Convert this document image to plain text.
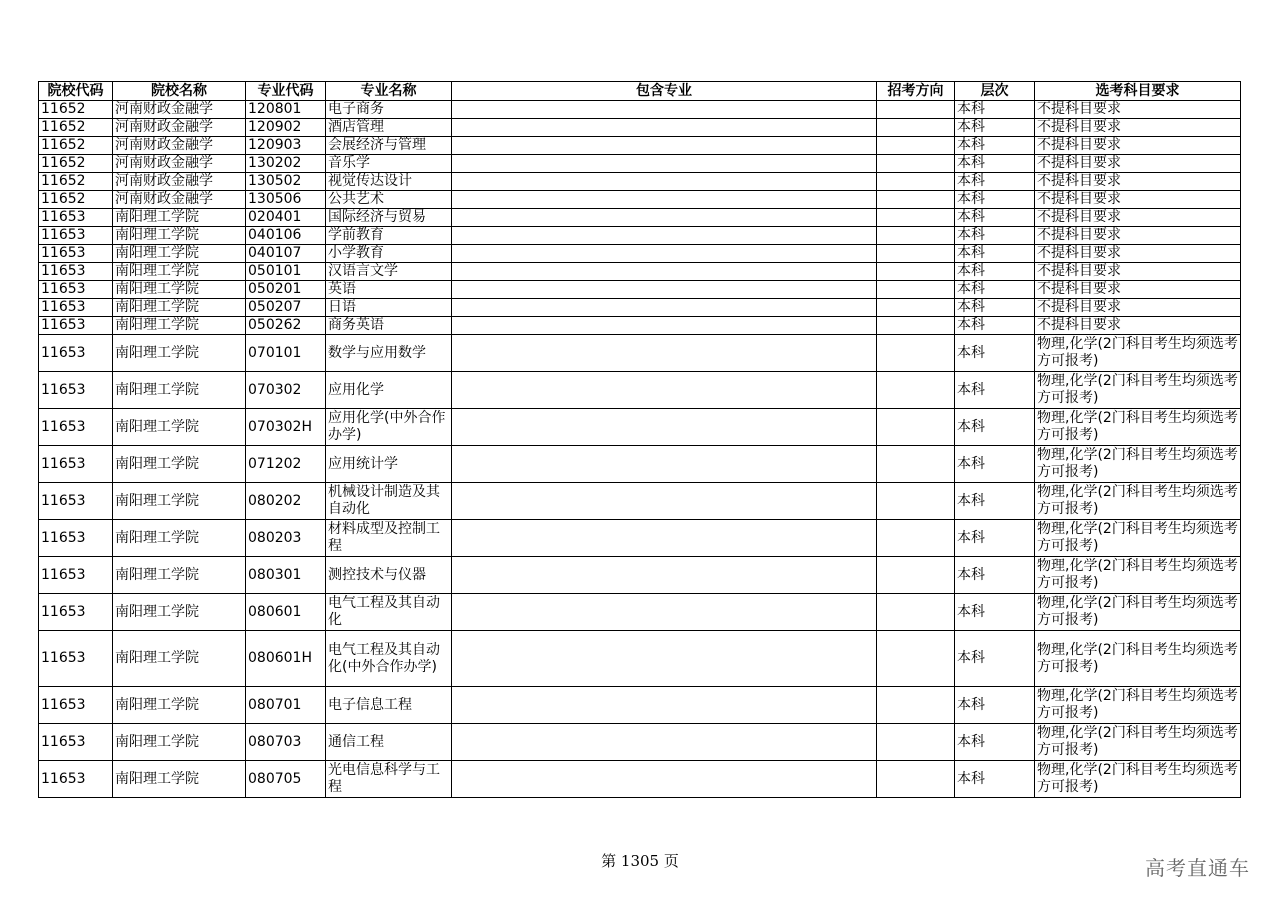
院校代码	院校名称	专业代码	专业名称	包含专业	招考方向	层次	选考科目要求
11652	河南财政金融学	120801	电子商务			本科	不提科目要求
11652	河南财政金融学	120902	酒店管理			本科	不提科目要求
11652	河南财政金融学	120903	会展经济与管理			本科	不提科目要求
11652	河南财政金融学	130202	音乐学			本科	不提科目要求
11652	河南财政金融学	130502	视觉传达设计			本科	不提科目要求
11652	河南财政金融学	130506	公共艺术			本科	不提科目要求
11653	南阳理工学院	020401	国际经济与贸易			本科	不提科目要求
11653	南阳理工学院	040106	学前教育			本科	不提科目要求
11653	南阳理工学院	040107	小学教育			本科	不提科目要求
11653	南阳理工学院	050101	汉语言文学			本科	不提科目要求
11653	南阳理工学院	050201	英语			本科	不提科目要求
11653	南阳理工学院	050207	日语			本科	不提科目要求
11653	南阳理工学院	050262	商务英语			本科	不提科目要求
11653	南阳理工学院	070101	数学与应用数学			本科	物理,化学(2门科目考生均须选考方可报考)
11653	南阳理工学院	070302	应用化学			本科	物理,化学(2门科目考生均须选考方可报考)
11653	南阳理工学院	070302H	应用化学(中外合作办学)			本科	物理,化学(2门科目考生均须选考方可报考)
11653	南阳理工学院	071202	应用统计学			本科	物理,化学(2门科目考生均须选考方可报考)
11653	南阳理工学院	080202	机械设计制造及其自动化			本科	物理,化学(2门科目考生均须选考方可报考)
11653	南阳理工学院	080203	材料成型及控制工程			本科	物理,化学(2门科目考生均须选考方可报考)
11653	南阳理工学院	080301	测控技术与仪器			本科	物理,化学(2门科目考生均须选考方可报考)
11653	南阳理工学院	080601	电气工程及其自动化			本科	物理,化学(2门科目考生均须选考方可报考)
11653	南阳理工学院	080601H	电气工程及其自动化(中外合作办学)			本科	物理,化学(2门科目考生均须选考方可报考)
11653	南阳理工学院	080701	电子信息工程			本科	物理,化学(2门科目考生均须选考方可报考)
11653	南阳理工学院	080703	通信工程			本科	物理,化学(2门科目考生均须选考方可报考)
11653	南阳理工学院	080705	光电信息科学与工程			本科	物理,化学(2门科目考生均须选考方可报考)
第 1305 页	高考直通车
